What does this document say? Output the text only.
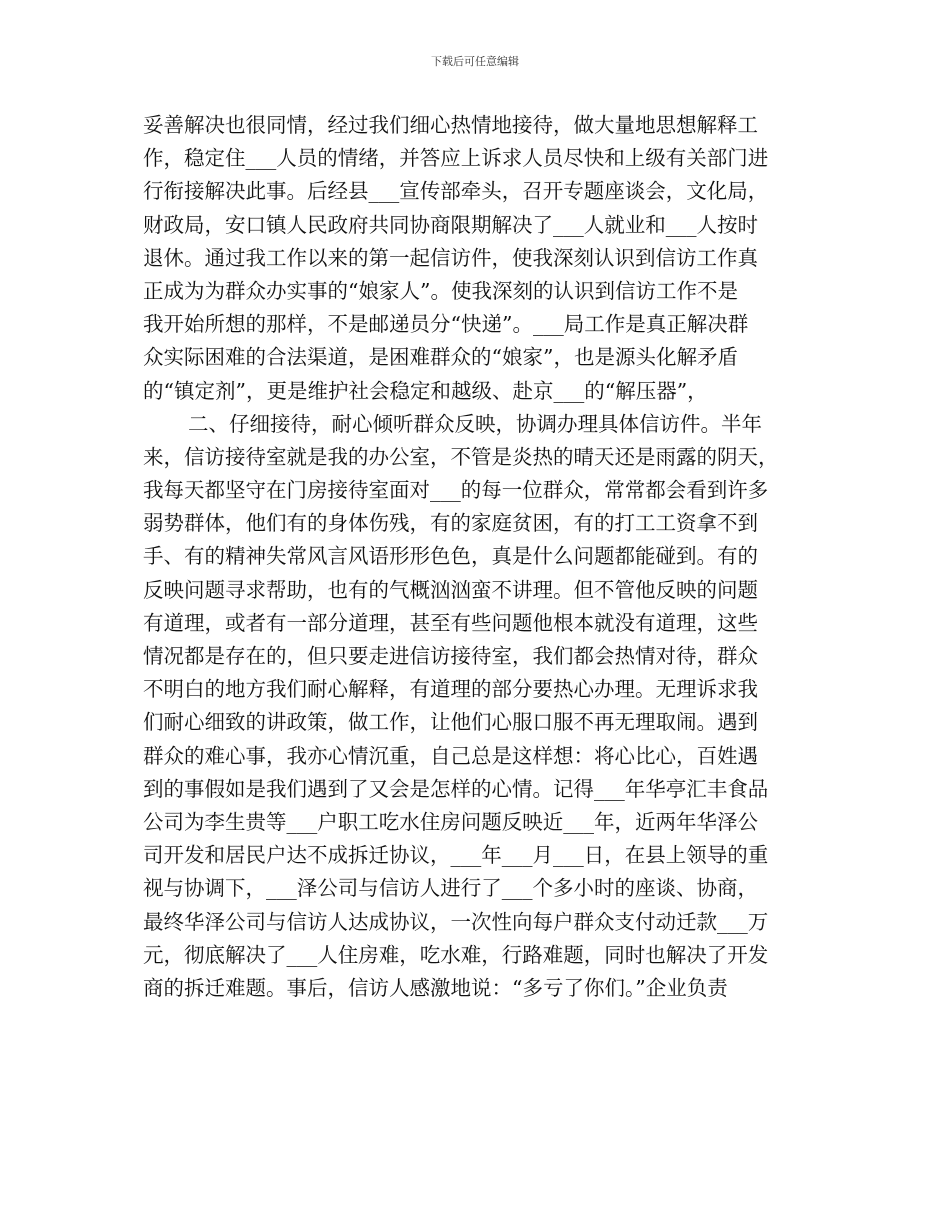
下载后可任意编辑
妥善解决也很同情，经过我们细心热情地接待，做大量地思想解释工
作，稳定住___人员的情绪，并答应上诉求人员尽快和上级有关部门进
行衔接解决此事。后经县___宣传部牵头，召开专题座谈会，文化局，
财政局，安口镇人民政府共同协商限期解决了___人就业和___人按时
退休。通过我工作以来的第一起信访件，使我深刻认识到信访工作真
正成为为群众办实事的“娘家人”。使我深刻的认识到信访工作不是
我开始所想的那样，不是邮递员分“快递”。___局工作是真正解决群
众实际困难的合法渠道，是困难群众的“娘家”，也是源头化解矛盾
的“镇定剂”，更是维护社会稳定和越级、赴京___的“解压器”，
二、仔细接待，耐心倾听群众反映，协调办理具体信访件。半年
来，信访接待室就是我的办公室，不管是炎热的晴天还是雨露的阴天，
我每天都坚守在门房接待室面对___的每一位群众，常常都会看到许多
弱势群体，他们有的身体伤残，有的家庭贫困，有的打工工资拿不到
手、有的精神失常风言风语形形色色，真是什么问题都能碰到。有的
反映问题寻求帮助，也有的气概汹汹蛮不讲理。但不管他反映的问题
有道理，或者有一部分道理，甚至有些问题他根本就没有道理，这些
情况都是存在的，但只要走进信访接待室，我们都会热情对待，群众
不明白的地方我们耐心解释，有道理的部分要热心办理。无理诉求我
们耐心细致的讲政策，做工作，让他们心服口服不再无理取闹。遇到
群众的难心事，我亦心情沉重，自己总是这样想：将心比心，百姓遇
到的事假如是我们遇到了又会是怎样的心情。记得___年华亭汇丰食品
公司为李生贵等___户职工吃水住房问题反映近___年，近两年华泽公
司开发和居民户达不成拆迁协议，___年___月___日，在县上领导的重
视与协调下，___泽公司与信访人进行了___个多小时的座谈、协商，
最终华泽公司与信访人达成协议，一次性向每户群众支付动迁款___万
元，彻底解决了___人住房难，吃水难，行路难题，同时也解决了开发
商的拆迁难题。事后，信访人感激地说：“多亏了你们。”企业负责
